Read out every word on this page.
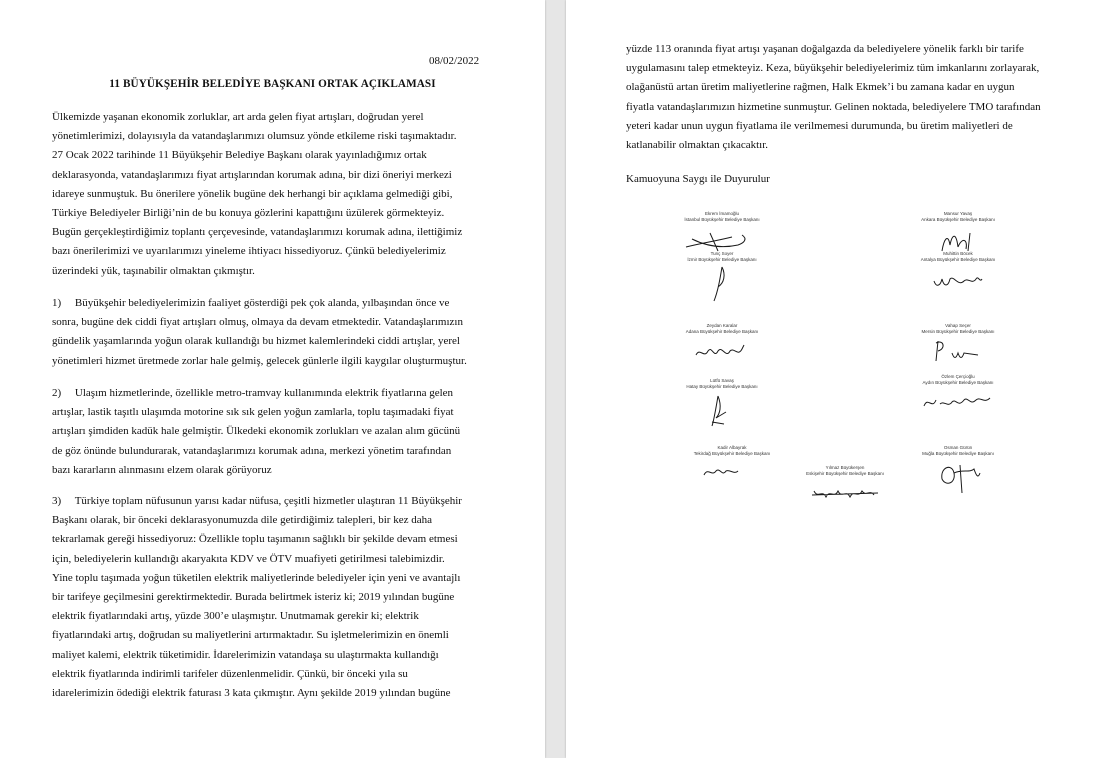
08/02/2022
11 BÜYÜKŞEHİR BELEDİYE BAŞKANI ORTAK AÇIKLAMASI

Ülkemizde yaşanan ekonomik zorluklar, art arda gelen fiyat artışları, doğrudan yerel

yönetimlerimizi, dolayısıyla da vatandaşlarımızı olumsuz yönde etkileme riski taşımaktadır.

27 Ocak 2022 tarihinde 11 Büyükşehir Belediye Başkanı olarak yayınladığımız ortak

deklarasyonda, vatandaşlarımızı fiyat artışlarından korumak adına, bir dizi öneriyi merkezi

idareye sunmuştuk. Bu önerilere yönelik bugüne dek herhangi bir açıklama gelmediği gibi,

Türkiye Belediyeler Birliği’nin de bu konuya gözlerini kapattığını üzülerek görmekteyiz.

Bugün gerçekleştirdiğimiz toplantı çerçevesinde, vatandaşlarımızı korumak adına, ilettiğimiz

bazı önerilerimizi ve uyarılarımızı yineleme ihtiyacı hissediyoruz. Çünkü belediyelerimiz

üzerindeki yük, taşınabilir olmaktan çıkmıştır.

1)     Büyükşehir belediyelerimizin faaliyet gösterdiği pek çok alanda, yılbaşından önce ve

sonra, bugüne dek ciddi fiyat artışları olmuş, olmaya da devam etmektedir. Vatandaşlarımızın

gündelik yaşamlarında yoğun olarak kullandığı bu hizmet kalemlerindeki ciddi artışlar, yerel

yönetimleri hizmet üretmede zorlar hale gelmiş, gelecek günlerle ilgili kaygılar oluşturmuştur.

2)     Ulaşım hizmetlerinde, özellikle metro-tramvay kullanımında elektrik fiyatlarına gelen

artışlar, lastik taşıtlı ulaşımda motorine sık sık gelen yoğun zamlarla, toplu taşımadaki fiyat

artışları şimdiden kadük hale gelmiştir. Ülkedeki ekonomik zorlukları ve azalan alım gücünü

de göz önünde bulundurarak, vatandaşlarımızı korumak adına, merkezi yönetim tarafından

bazı kararların alınmasını elzem olarak görüyoruz

3)     Türkiye toplam nüfusunun yarısı kadar nüfusa, çeşitli hizmetler ulaştıran 11 Büyükşehir

Başkanı olarak, bir önceki deklarasyonumuzda dile getirdiğimiz talepleri, bir kez daha

tekrarlamak gereği hissediyoruz: Özellikle toplu taşımanın sağlıklı bir şekilde devam etmesi

için, belediyelerin kullandığı akaryakıta KDV ve ÖTV muafiyeti getirilmesi talebimizdir.

Yine toplu taşımada yoğun tüketilen elektrik maliyetlerinde belediyeler için yeni ve avantajlı

bir tarifeye geçilmesini gerektirmektedir. Burada belirtmek isteriz ki; 2019 yılından bugüne

elektrik fiyatlarındaki artış, yüzde 300’e ulaşmıştır. Unutmamak gerekir ki; elektrik

fiyatlarındaki artış, doğrudan su maliyetlerini artırmaktadır. Su işletmelerimizin en önemli

maliyet kalemi, elektrik tüketimidir. İdarelerimizin vatandaşa su ulaştırmakta kullandığı

elektrik fiyatlarında indirimli tarifeler düzenlenmelidir. Çünkü, bir önceki yıla su

idarelerimizin ödediği elektrik faturası 3 kata çıkmıştır. Aynı şekilde 2019 yılından bugüne

yüzde 113 oranında fiyat artışı yaşanan doğalgazda da belediyelere yönelik farklı bir tarife

uygulamasını talep etmekteyiz. Keza, büyükşehir belediyelerimiz tüm imkanlarını zorlayarak,

olağanüstü artan üretim maliyetlerine rağmen, Halk Ekmek’i bu zamana kadar en uygun

fiyatla vatandaşlarımızın hizmetine sunmuştur. Gelinen noktada, belediyelere TMO tarafından

yeteri kadar unun uygun fiyatlama ile verilmemesi durumunda, bu üretim maliyetleri de

katlanabilir olmaktan çıkacaktır.

Kamuoyuna Saygı ile Duyurulur
Ekrem İmamoğlu
İstanbul Büyükşehir Belediye Başkanı
Mansur Yavaş
Ankara Büyükşehir Belediye Başkanı
Tunç Soyer
İzmir Büyükşehir Belediye Başkanı
Muhittin Böcek
Antalya Büyükşehir Belediye Başkanı
Zeydan Karalar
Adana Büyükşehir Belediye Başkanı
Vahap Seçer
Mersin Büyükşehir Belediye Başkanı
Lütfü Savaş
Hatay Büyükşehir Belediye Başkanı
Özlem Çerçioğlu
Aydın Büyükşehir Belediye Başkanı
Kadir Albayrak
Tekirdağ Büyükşehir Belediye Başkanı
Yılmaz Büyükerşen
Eskişehir Büyükşehir Belediye Başkanı
Osman Gürün
Muğla Büyükşehir Belediye Başkanı
